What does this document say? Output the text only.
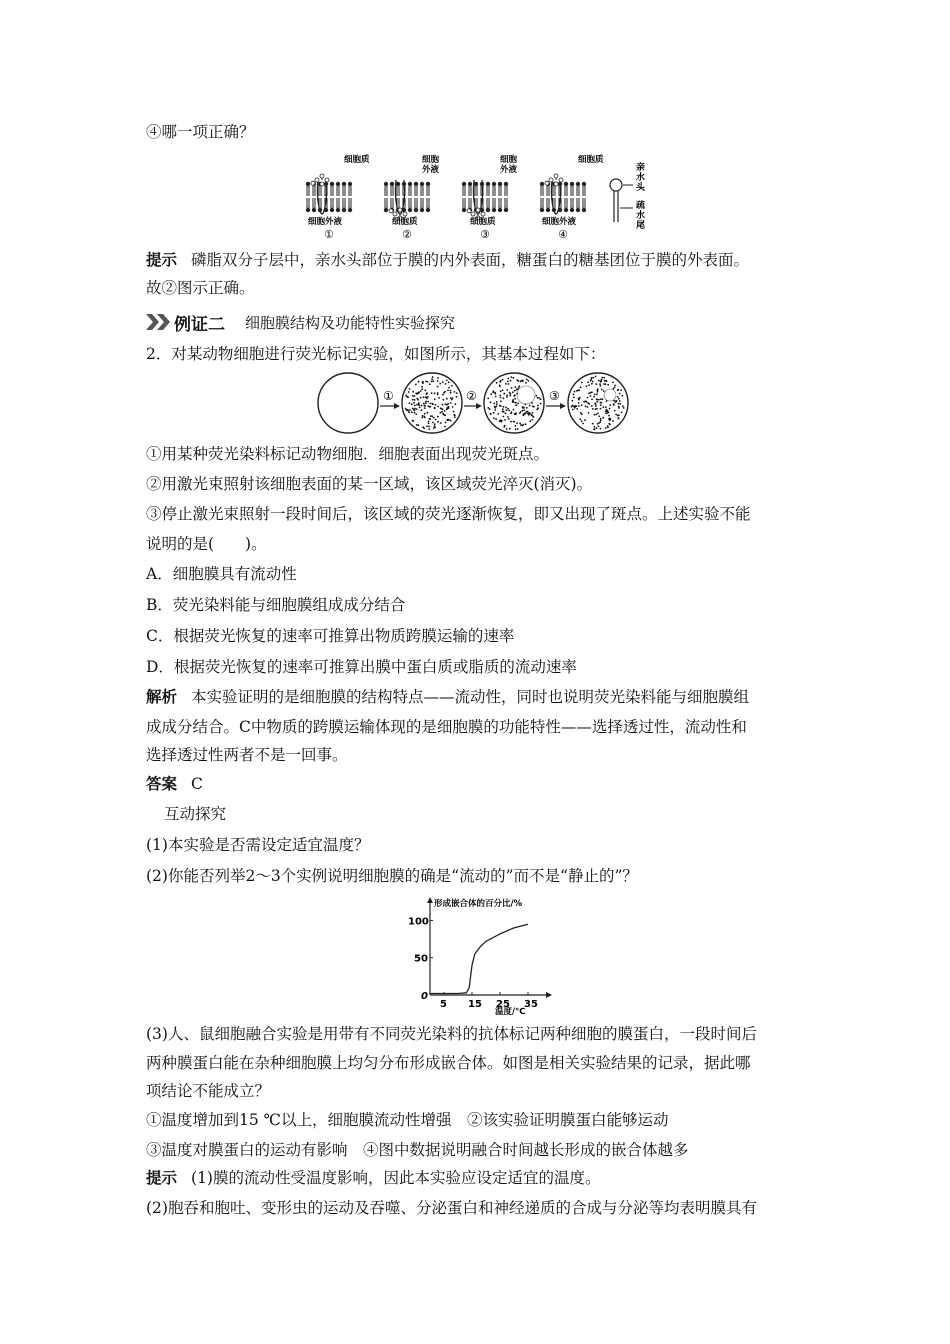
④哪一项正确？
细胞质
细胞外液
①
细胞外液
细胞质
②
细胞外液
细胞质
③
细胞质
细胞外液
④
亲水头
疏水尾
提示 磷脂双分子层中，亲水头部位于膜的内外表面，糖蛋白的糖基团位于膜的外表面。
故②图示正确。
例证二 细胞膜结构及功能特性实验探究
2．对某动物细胞进行荧光标记实验，如图所示，其基本过程如下：
①	②	③
①用某种荧光染料标记动物细胞．细胞表面出现荧光斑点。
②用激光束照射该细胞表面的某一区域，该区域荧光淬灭(消灭)。
③停止激光束照射一段时间后，该区域的荧光逐渐恢复，即又出现了斑点。上述实验不能
说明的是(　　)。
A．细胞膜具有流动性
B．荧光染料能与细胞膜组成成分结合
C．根据荧光恢复的速率可推算出物质跨膜运输的速率
D．根据荧光恢复的速率可推算出膜中蛋白质或脂质的流动速率
解析 本实验证明的是细胞膜的结构特点——流动性，同时也说明荧光染料能与细胞膜组
成成分结合。C中物质的跨膜运输体现的是细胞膜的功能特性——选择透过性，流动性和
选择透过性两者不是一回事。
答案 C
互动探究
(1)本实验是否需设定适宜温度？
(2)你能否列举2～3个实例说明细胞膜的确是“流动的”而不是“静止的”？
形成嵌合体的百分比/%
温度/℃
0
5 15 25 35
50
100
(3)人、鼠细胞融合实验是用带有不同荧光染料的抗体标记两种细胞的膜蛋白，一段时间后
两种膜蛋白能在杂种细胞膜上均匀分布形成嵌合体。如图是相关实验结果的记录，据此哪
项结论不能成立？
①温度增加到15 ℃以上，细胞膜流动性增强　②该实验证明膜蛋白能够运动
③温度对膜蛋白的运动有影响　④图中数据说明融合时间越长形成的嵌合体越多
提示 (1)膜的流动性受温度影响，因此本实验应设定适宜的温度。
(2)胞吞和胞吐、变形虫的运动及吞噬、分泌蛋白和神经递质的合成与分泌等均表明膜具有
